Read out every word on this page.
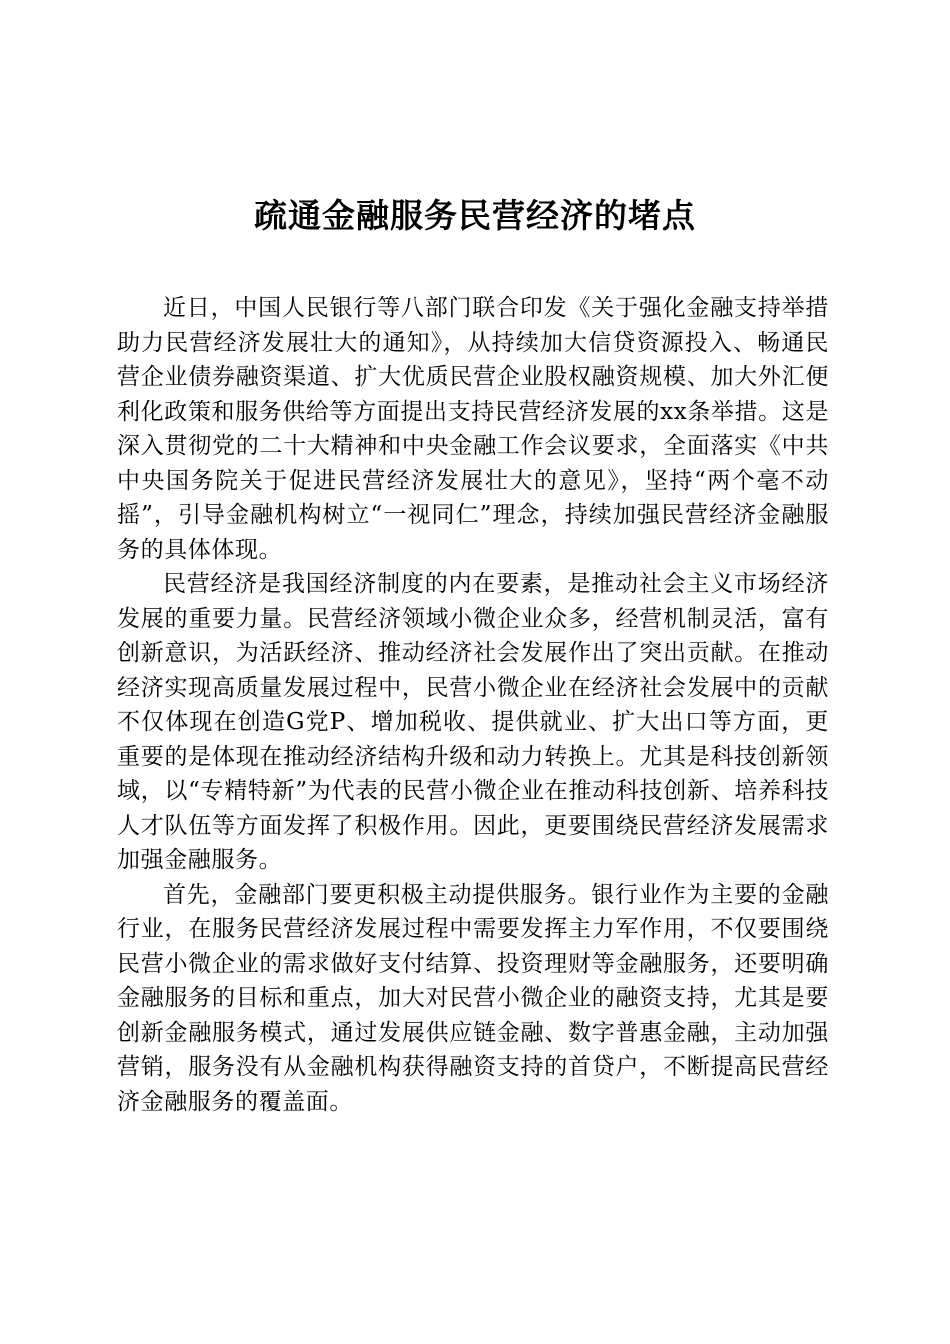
疏通金融服务民营经济的堵点

近日，中国人民银行等八部门联合印发《关于强化金融支持举措助力民营经济发展壮大的通知》，从持续加大信贷资源投入、畅通民营企业债券融资渠道、扩大优质民营企业股权融资规模、加大外汇便利化政策和服务供给等方面提出支持民营经济发展的xx条举措。这是深入贯彻党的二十大精神和中央金融工作会议要求，全面落实《中共中央国务院关于促进民营经济发展壮大的意见》，坚持“两个毫不动摇”，引导金融机构树立“一视同仁”理念，持续加强民营经济金融服务的具体体现。

民营经济是我国经济制度的内在要素，是推动社会主义市场经济发展的重要力量。民营经济领域小微企业众多，经营机制灵活，富有创新意识，为活跃经济、推动经济社会发展作出了突出贡献。在推动经济实现高质量发展过程中，民营小微企业在经济社会发展中的贡献不仅体现在创造G党P、增加税收、提供就业、扩大出口等方面，更重要的是体现在推动经济结构升级和动力转换上。尤其是科技创新领域，以“专精特新”为代表的民营小微企业在推动科技创新、培养科技人才队伍等方面发挥了积极作用。因此，更要围绕民营经济发展需求加强金融服务。

首先，金融部门要更积极主动提供服务。银行业作为主要的金融行业，在服务民营经济发展过程中需要发挥主力军作用，不仅要围绕民营小微企业的需求做好支付结算、投资理财等金融服务，还要明确金融服务的目标和重点，加大对民营小微企业的融资支持，尤其是要创新金融服务模式，通过发展供应链金融、数字普惠金融，主动加强营销，服务没有从金融机构获得融资支持的首贷户，不断提高民营经济金融服务的覆盖面。
